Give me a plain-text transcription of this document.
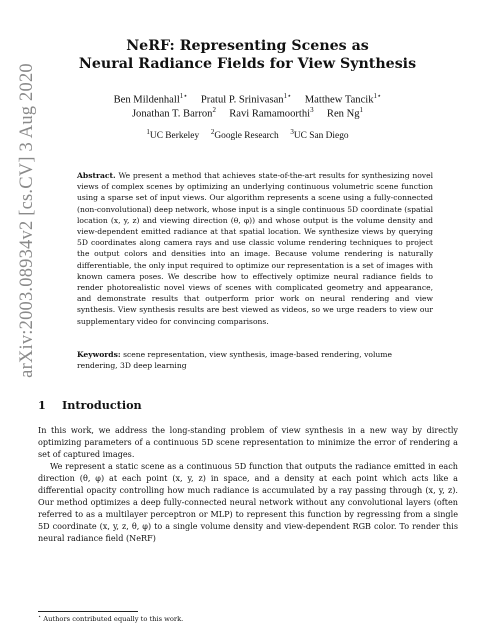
arXiv:2003.08934v2 [cs.CV] 3 Aug 2020
NeRF: Representing Scenes as
Neural Radiance Fields for View Synthesis
Ben Mildenhall$^{1⋆}$ Pratul P. Srinivasan$^{1⋆}$ Matthew Tancik$^{1⋆}$
Jonathan T. Barron$^2$ Ravi Ramamoorthi$^3$ Ren Ng$^1$
$^1$UC Berkeley $^2$Google Research $^3$UC San Diego
Abstract. We present a method that achieves state-of-the-art results for synthesizing novel views of complex scenes by optimizing an underlying continuous volumetric scene function using a sparse set of input views. Our algorithm represents a scene using a fully-connected (non-convolutional) deep network, whose input is a single continuous 5D coordinate (spatial location (x, y, z) and viewing direction (θ, φ)) and whose output is the volume density and view-dependent emitted radiance at that spatial location. We synthesize views by querying 5D coordinates along camera rays and use classic volume rendering techniques to project the output colors and densities into an image. Because volume rendering is naturally differentiable, the only input required to optimize our representation is a set of images with known camera poses. We describe how to effectively optimize neural radiance fields to render photorealistic novel views of scenes with complicated geometry and appearance, and demonstrate results that outperform prior work on neural rendering and view synthesis. View synthesis results are best viewed as videos, so we urge readers to view our supplementary video for convincing comparisons.
Keywords: scene representation, view synthesis, image-based rendering, volume rendering, 3D deep learning
1 Introduction

In this work, we address the long-standing problem of view synthesis in a new way by directly optimizing parameters of a continuous 5D scene representation to minimize the error of rendering a set of captured images.

We represent a static scene as a continuous 5D function that outputs the radiance emitted in each direction (θ, φ) at each point (x, y, z) in space, and a density at each point which acts like a differential opacity controlling how much radiance is accumulated by a ray passing through (x, y, z). Our method optimizes a deep fully-connected neural network without any convolutional layers (often referred to as a multilayer perceptron or MLP) to represent this function by regressing from a single 5D coordinate (x, y, z, θ, φ) to a single volume density and view-dependent RGB color. To render this neural radiance field (NeRF)

⋆ Authors contributed equally to this work.
